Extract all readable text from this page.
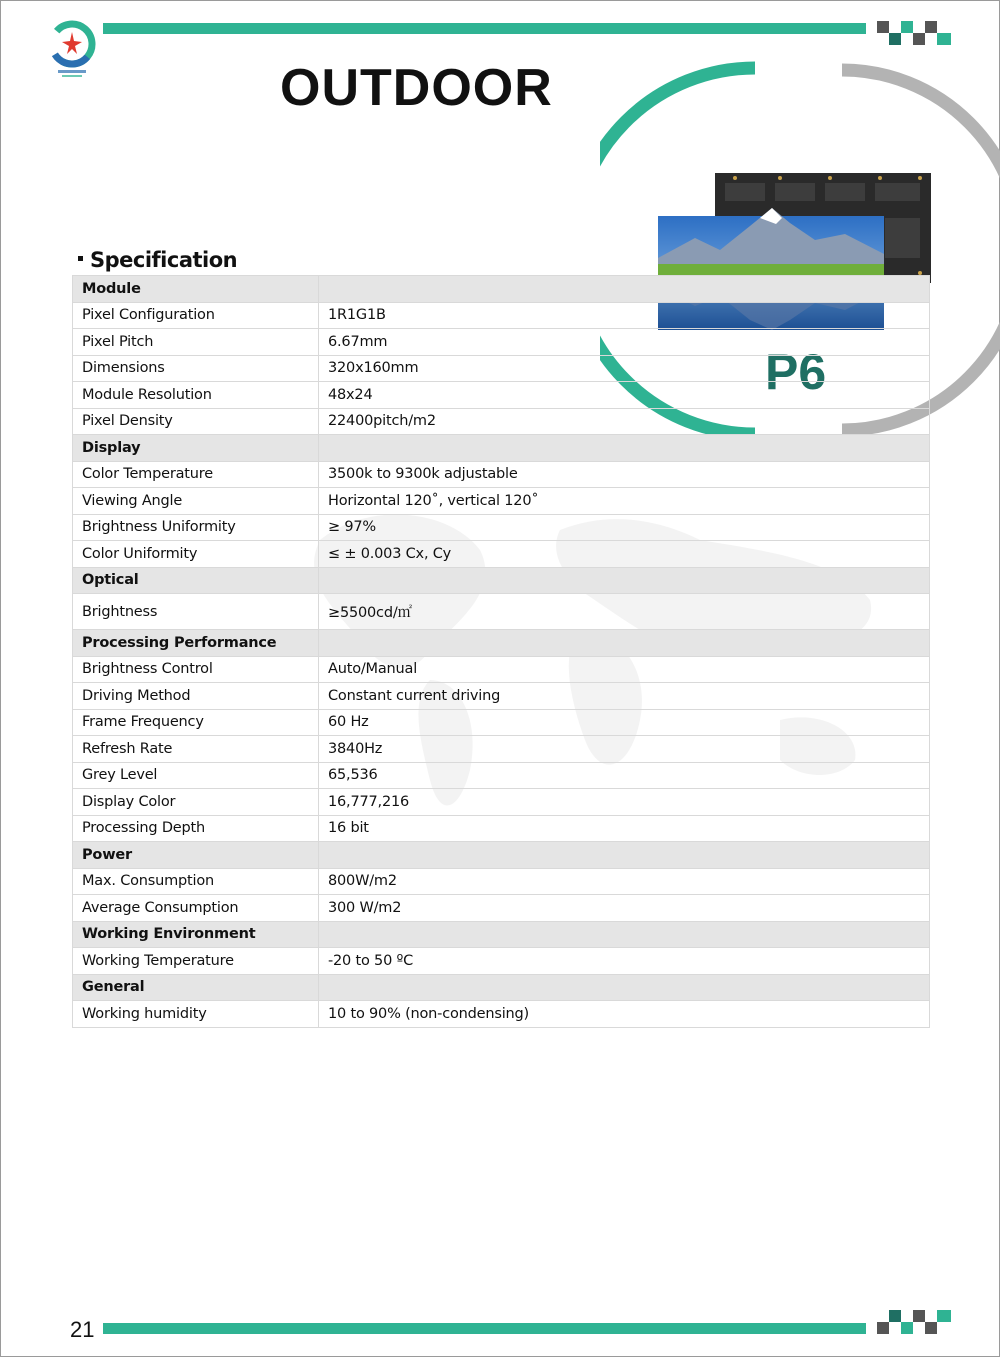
OUTDOOR
P6
Specification
Module	
Pixel Configuration	1R1G1B
Pixel Pitch	6.67mm
Dimensions	320x160mm
Module Resolution	48x24
Pixel Density	22400pitch/m2
Display	
Color Temperature	3500k to 9300k adjustable
Viewing Angle	Horizontal 120˚, vertical 120˚
Brightness Uniformity	≥ 97%
Color Uniformity	≤ ± 0.003 Cx, Cy
Optical	
Brightness	≥5500cd/㎡
Processing Performance	
Brightness Control	Auto/Manual
Driving Method	Constant current driving
Frame Frequency	60 Hz
Refresh Rate	3840Hz
Grey Level	65,536
Display Color	16,777,216
Processing Depth	16 bit
Power	
Max. Consumption	800W/m2
Average Consumption	300 W/m2
Working Environment	
Working Temperature	-20 to 50 ºC
General	
Working humidity	10 to 90% (non-condensing)
21
